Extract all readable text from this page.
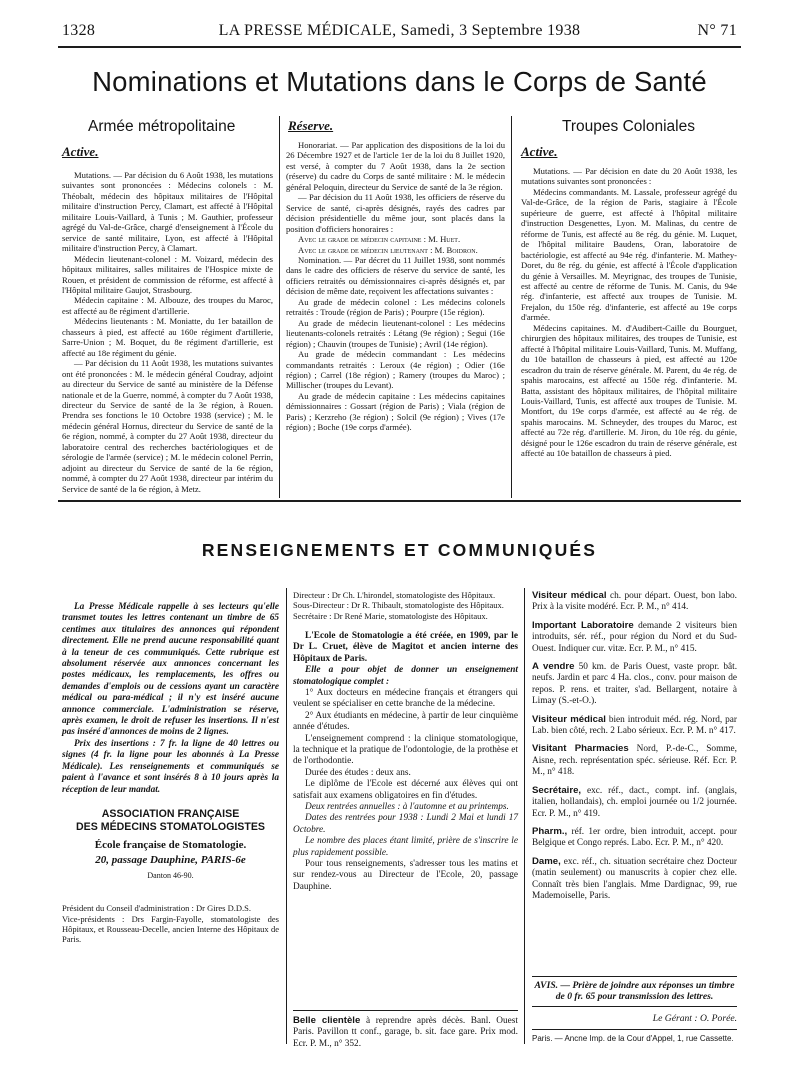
1328	LA PRESSE MÉDICALE, Samedi, 3 Septembre 1938	N° 71
Nominations et Mutations dans le Corps de Santé
Armée métropolitaine
Active.

Mutations. — Par décision du 6 Août 1938, les mutations suivantes sont prononcées : Médecins colonels : M. Théobalt, médecin des hôpitaux militaires de l'Hôpital militaire d'instruction Percy, Clamart, est affecté à l'Hôpital militaire Louis-Vaillard, à Tunis ; M. Gauthier, professeur agrégé du Val-de-Grâce, chargé d'enseignement à l'École du service de santé militaire, Lyon, est affecté à l'Hôpital militaire d'instruction Percy, à Clamart.

Médecin lieutenant-colonel : M. Voizard, médecin des hôpitaux militaires, salles militaires de l'Hospice mixte de Rouen, et président de commission de réforme, est affecté à l'Hôpital militaire Gaujot, Strasbourg.

Médecin capitaine : M. Albouze, des troupes du Maroc, est affecté au 8e régiment d'artillerie.

Médecins lieutenants : M. Moniatte, du 1er bataillon de chasseurs à pied, est affecté au 160e régiment d'artillerie, Sarre-Union ; M. Boquet, du 8e régiment d'artillerie, est affecté au 18e régiment du génie.

— Par décision du 11 Août 1938, les mutations suivantes ont été prononcées : M. le médecin général Coudray, adjoint au directeur du Service de santé au ministère de la Défense nationale et de la Guerre, nommé, à compter du 7 Août 1938, directeur du Service de santé de la 3e région, à Rouen. Prendra ses fonctions le 10 Octobre 1938 (service) ; M. le médecin général Hornus, directeur du Service de santé de la 6e région, nommé, à compter du 27 Août 1938, directeur du laboratoire central des recherches bactériologiques et de sérologie de l'armée (service) ; M. le médecin colonel Perrin, adjoint au directeur du Service de santé de la 6e région, nommé, à compter du 27 Août 1938, directeur par intérim du Service de santé de la 6e région, à Metz.

Réserve.

Honorariat. — Par application des dispositions de la loi du 26 Décembre 1927 et de l'article 1er de la loi du 8 Juillet 1920, est versé, à compter du 7 Août 1938, dans la 2e section (réserve) du cadre du Corps de santé militaire : M. le médecin général Peloquin, directeur du Service de santé de la 3e région.

— Par décision du 11 Août 1938, les officiers de réserve du Service de santé, ci-après désignés, rayés des cadres par décision présidentielle du même jour, sont placés dans la position d'officiers honoraires :

Avec le grade de médecin capitaine : M. Huet.

Avec le grade de médecin lieutenant : M. Boidron.

Nomination. — Par décret du 11 Juillet 1938, sont nommés dans le cadre des officiers de réserve du service de santé, les officiers retraités ou démissionnaires ci-après désignés et, par décision de même date, reçoivent les affectations suivantes :

Au grade de médecin colonel : Les médecins colonels retraités : Troude (région de Paris) ; Pourpre (15e région).

Au grade de médecin lieutenant-colonel : Les médecins lieutenants-colonels retraités : Létang (9e région) ; Segui (16e région) ; Chauvin (troupes de Tunisie) ; Avril (14e région).

Au grade de médecin commandant : Les médecins commandants retraités : Leroux (4e région) ; Odier (16e région) ; Carrel (18e région) ; Ramery (troupes du Maroc) ; Millischer (troupes du Levant).

Au grade de médecin capitaine : Les médecins capitaines démissionnaires : Gossart (région de Paris) ; Viala (région de Paris) ; Kerzreho (3e région) ; Solcil (9e région) ; Vives (17e région) ; Boche (19e corps d'armée).

Troupes Coloniales
Active.

Mutations. — Par décision en date du 20 Août 1938, les mutations suivantes sont prononcées :

Médecins commandants. M. Lassale, professeur agrégé du Val-de-Grâce, de la région de Paris, stagiaire à l'École supérieure de guerre, est affecté à l'hôpital militaire d'instruction Desgenettes, Lyon. M. Malinas, du centre de réforme de Tunis, est affecté au 8e rég. du génie. M. Luquet, de l'hôpital militaire Baudens, Oran, laboratoire de bactériologie, est affecté au 94e rég. d'infanterie. M. Mathey-Doret, du 8e rég. du génie, est affecté à l'École d'application du génie à Versailles. M. Meyrignac, des troupes de Tunisie, est affecté au centre de réforme de Tunis. M. Canis, du 94e rég. d'infanterie, est affecté aux troupes de Tunisie. M. Frejalon, du 150e rég. d'infanterie, est affecté au 19e corps d'armée.

Médecins capitaines. M. d'Audibert-Caille du Bourguet, chirurgien des hôpitaux militaires, des troupes de Tunisie, est affecté à l'hôpital militaire Louis-Vaillard, Tunis. M. Muffang, du 10e bataillon de chasseurs à pied, est affecté au 120e escadron du train de réserve générale. M. Parent, du 4e rég. de spahis marocains, est affecté au 150e rég. d'infanterie. M. Batta, assistant des hôpitaux militaires, de l'hôpital militaire Louis-Vaillard, Tunis, est affecté aux troupes de Tunisie. M. Montfort, du 19e corps d'armée, est affecté au 4e rég. de spahis marocains. M. Schneyder, des troupes du Maroc, est affecté au 72e rég. d'artillerie. M. Jiron, du 10e rég. du génie, désigné pour le 126e escadron du train de réserve générale, est affecté au 10e bataillon de chasseurs à pied.

RENSEIGNEMENTS ET COMMUNIQUÉS

La Presse Médicale rappelle à ses lecteurs qu'elle transmet toutes les lettres contenant un timbre de 65 centimes aux titulaires des annonces qui répondent directement. Elle ne prend aucune responsabilité quant à la teneur de ces communiqués. Cette rubrique est absolument réservée aux annonces concernant les postes médicaux, les remplacements, les offres ou demandes d'emplois ou de cessions ayant un caractère médical ou para-médical ; il n'y est inséré aucune annonce commerciale. L'administration se réserve, après examen, le droit de refuser les insertions. Il n'est pas inséré d'annonces de moins de 2 lignes.

Prix des insertions : 7 fr. la ligne de 40 lettres ou signes (4 fr. la ligne pour les abonnés à La Presse Médicale). Les renseignements et communiqués se paient à l'avance et sont insérés 8 à 10 jours après la réception de leur mandat.

ASSOCIATION FRANÇAISE
DES MÉDECINS STOMATOLOGISTES
École française de Stomatologie.
20, passage Dauphine, PARIS-6e
Danton 46-90.
Président du Conseil d'administration : Dr Gires D.D.S.
Vice-présidents : Drs Fargin-Fayolle, stomatologiste des Hôpitaux, et Rousseau-Decelle, ancien Interne des Hôpitaux de Paris.

Directeur : Dr Ch. L'hirondel, stomatologiste des Hôpitaux.

Sous-Directeur : Dr R. Thibault, stomatologiste des Hôpitaux.

Secrétaire : Dr René Marie, stomatologiste des Hôpitaux.

L'Ecole de Stomatologie a été créée, en 1909, par le Dr L. Cruet, élève de Magitot et ancien interne des Hôpitaux de Paris.

Elle a pour objet de donner un enseignement stomatologique complet :

1° Aux docteurs en médecine français et étrangers qui veulent se spécialiser en cette branche de la médecine.

2° Aux étudiants en médecine, à partir de leur cinquième année d'études.

L'enseignement comprend : la clinique stomatologique, la technique et la pratique de l'odontologie, de la prothèse et de l'orthodontie.

Durée des études : deux ans.

Le diplôme de l'Ecole est décerné aux élèves qui ont satisfait aux examens obligatoires en fin d'études.

Deux rentrées annuelles : à l'automne et au printemps.

Dates des rentrées pour 1938 : Lundi 2 Mai et lundi 17 Octobre.

Le nombre des places étant limité, prière de s'inscrire le plus rapidement possible.

Pour tous renseignements, s'adresser tous les matins et sur rendez-vous au Directeur de l'Ecole, 20, passage Dauphine.

Belle clientèle à reprendre après décès. Banl. Ouest Paris. Pavillon tt conf., garage, b. sit. face gare. Prix mod. Ecr. P. M., n° 352.

Visiteur médical ch. pour départ. Ouest, bon labo. Prix à la visite modéré. Ecr. P. M., n° 414.

Important Laboratoire demande 2 visiteurs bien introduits, sér. réf., pour région du Nord et du Sud-Ouest. Indiquer cur. vitæ. Ecr. P. M., n° 415.

A vendre 50 km. de Paris Ouest, vaste propr. bât. neufs. Jardin et parc 4 Ha. clos., conv. pour maison de repos. P. rens. et traiter, s'ad. Bellargent, notaire à Limay (S.-et-O.).

Visiteur médical bien introduit méd. rég. Nord, par Lab. bien côté, rech. 2 Labo sérieux. Ecr. P. M. n° 417.

Visitant Pharmacies Nord, P.-de-C., Somme, Aisne, rech. représentation spéc. sérieuse. Réf. Ecr. P. M., n° 418.

Secrétaire, exc. réf., dact., compt. inf. (anglais, italien, hollandais), ch. emploi journée ou 1/2 journée. Ecr. P. M., n° 419.

Pharm., réf. 1er ordre, bien introduit, accept. pour Belgique et Congo représ. Labo. Ecr. P. M., n° 420.

Dame, exc. réf., ch. situation secrétaire chez Docteur (matin seulement) ou manuscrits à copier chez elle. Connaît très bien l'anglais. Mme Dardignac, 99, rue Mademoiselle, Paris.

AVIS. — Prière de joindre aux réponses un timbre de 0 fr. 65 pour transmission des lettres.
Le Gérant : O. Porée.
Paris. — Ancne Imp. de la Cour d'Appel, 1, rue Cassette.
